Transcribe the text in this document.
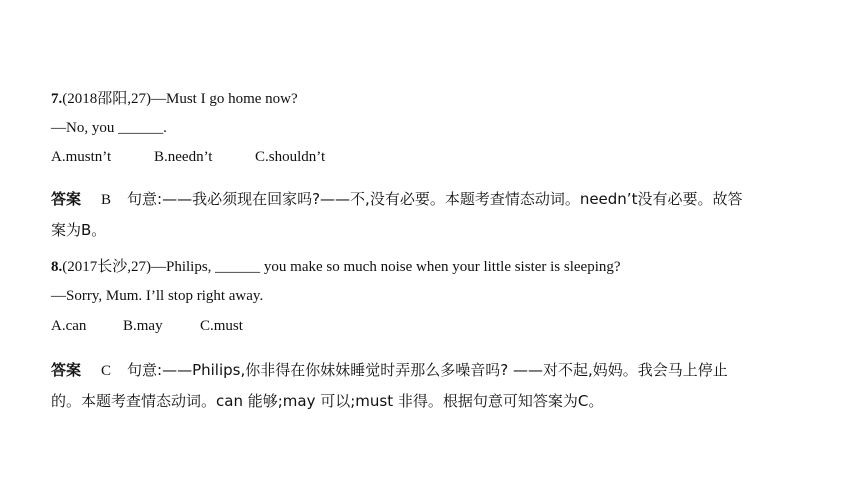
7.(2018邵阳,27)—Must I go home now?
—No, you ______.
A.mustn’t	B.needn’t	C.shouldn’t
答案 B 句意:——我必须现在回家吗?——不,没有必要。本题考查情态动词。needn’t没有必要。故答
案为B。
8.(2017长沙,27)—Philips, ______ you make so much noise when your little sister is sleeping?
—Sorry, Mum. I’ll stop right away.
A.can B.may C.must
答案 C 句意:——Philips,你非得在你妹妹睡觉时弄那么多噪音吗? ——对不起,妈妈。我会马上停止
的。本题考查情态动词。can 能够;may 可以;must 非得。根据句意可知答案为C。
